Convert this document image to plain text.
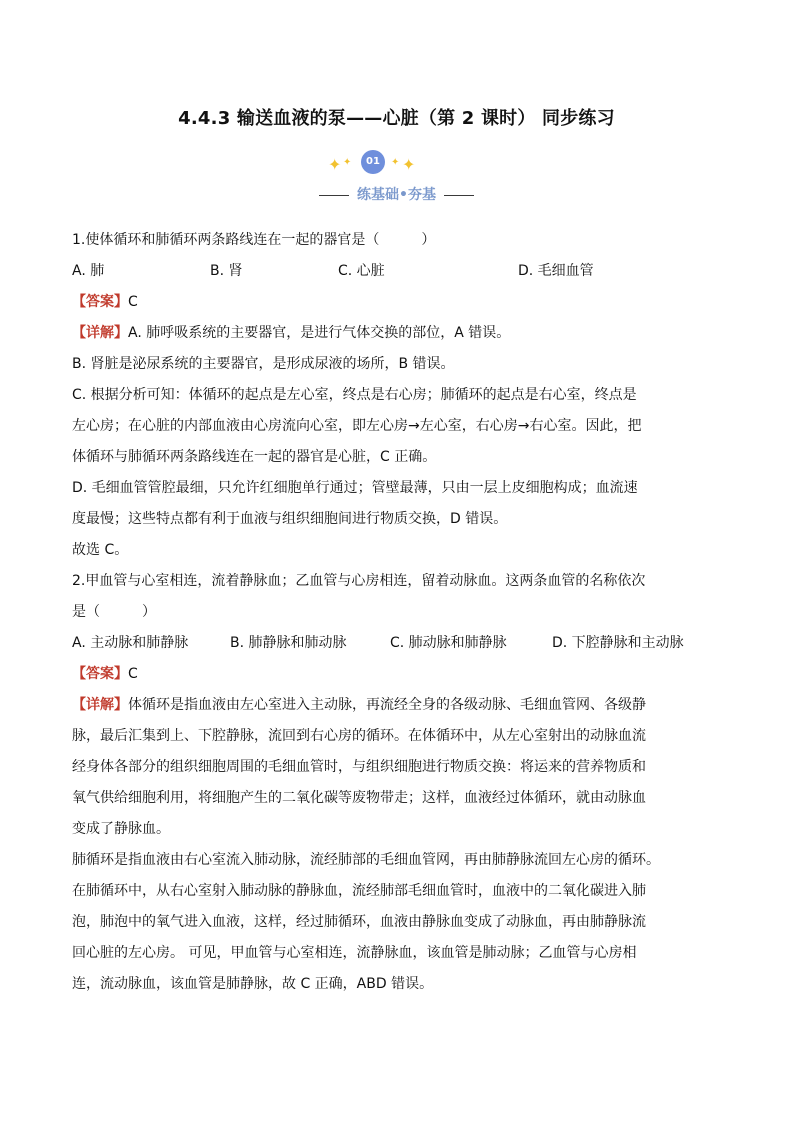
4.4.3 输送血液的泵——心脏（第 2 课时） 同步练习
✦ ✦	01	✦ ✦
练基础•夯基

1.使体循环和肺循环两条路线连在一起的器官是（　　　）

A. 肺	B. 肾	C. 心脏	D. 毛细血管

【答案】C

【详解】A. 肺呼吸系统的主要器官，是进行气体交换的部位，A 错误。

B. 肾脏是泌尿系统的主要器官，是形成尿液的场所，B 错误。

C. 根据分析可知：体循环的起点是左心室，终点是右心房；肺循环的起点是右心室，终点是

左心房；在心脏的内部血液由心房流向心室，即左心房→左心室，右心房→右心室。因此，把

体循环与肺循环两条路线连在一起的器官是心脏，C 正确。

D. 毛细血管管腔最细，只允许红细胞单行通过；管壁最薄，只由一层上皮细胞构成；血流速

度最慢；这些特点都有利于血液与组织细胞间进行物质交换，D 错误。

故选 C。

2.甲血管与心室相连，流着静脉血；乙血管与心房相连，留着动脉血。这两条血管的名称依次

是（　　　）

A. 主动脉和肺静脉	B. 肺静脉和肺动脉	C. 肺动脉和肺静脉	D. 下腔静脉和主动脉

【答案】C

【详解】体循环是指血液由左心室进入主动脉，再流经全身的各级动脉、毛细血管网、各级静

脉，最后汇集到上、下腔静脉，流回到右心房的循环。在体循环中，从左心室射出的动脉血流

经身体各部分的组织细胞周围的毛细血管时，与组织细胞进行物质交换：将运来的营养物质和

氧气供给细胞利用，将细胞产生的二氧化碳等废物带走；这样，血液经过体循环，就由动脉血

变成了静脉血。

肺循环是指血液由右心室流入肺动脉，流经肺部的毛细血管网，再由肺静脉流回左心房的循环。

在肺循环中，从右心室射入肺动脉的静脉血，流经肺部毛细血管时，血液中的二氧化碳进入肺

泡，肺泡中的氧气进入血液，这样，经过肺循环，血液由静脉血变成了动脉血，再由肺静脉流

回心脏的左心房。 可见，甲血管与心室相连，流静脉血，该血管是肺动脉；乙血管与心房相

连，流动脉血，该血管是肺静脉，故 C 正确，ABD 错误。
